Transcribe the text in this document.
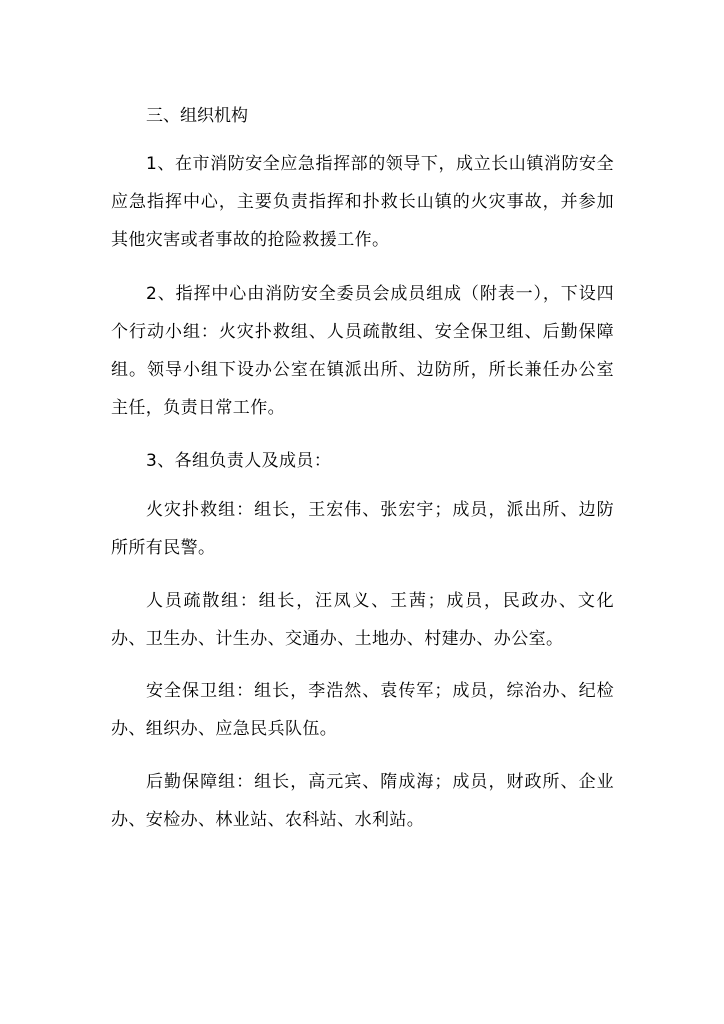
三、组织机构

1、在市消防安全应急指挥部的领导下，成立长山镇消防安全应急指挥中心，主要负责指挥和扑救长山镇的火灾事故，并参加其他灾害或者事故的抢险救援工作。

2、指挥中心由消防安全委员会成员组成（附表一），下设四个行动小组：火灾扑救组、人员疏散组、安全保卫组、后勤保障组。领导小组下设办公室在镇派出所、边防所，所长兼任办公室主任，负责日常工作。

3、各组负责人及成员：

火灾扑救组：组长，王宏伟、张宏宇；成员，派出所、边防所所有民警。

人员疏散组：组长，汪凤义、王茜；成员，民政办、文化办、卫生办、计生办、交通办、土地办、村建办、办公室。

安全保卫组：组长，李浩然、袁传军；成员，综治办、纪检办、组织办、应急民兵队伍。

后勤保障组：组长，高元宾、隋成海；成员，财政所、企业办、安检办、林业站、农科站、水利站。
